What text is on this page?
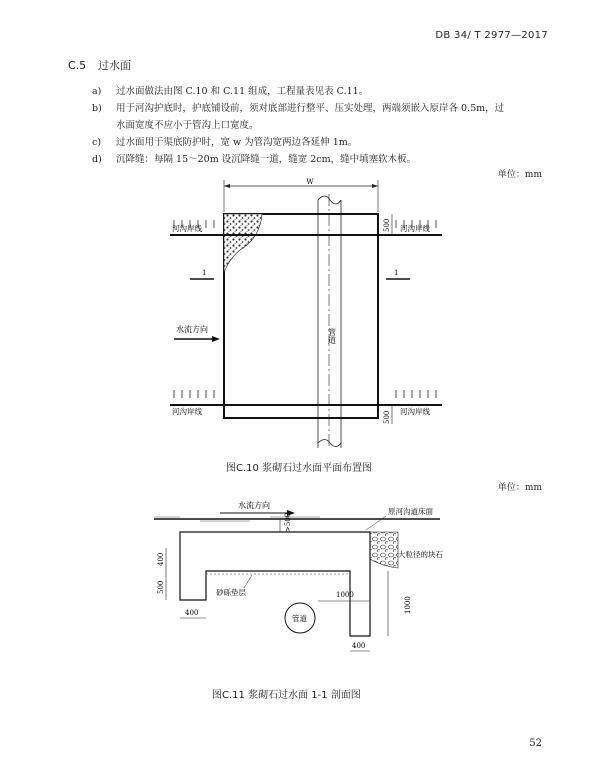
DB 34/ T 2977—2017
C.5 过水面
a) 过水面做法由图 C.10 和 C.11 组成，工程量表见表 C.11。
b) 用于河沟护底时，护底铺设前，须对底部进行整平、压实处理，两端须嵌入原岸各 0.5m，过
水面宽度不应小于管沟上口宽度。
c) 过水面用于渠底防护时，宽 w 为管沟宽两边各延伸 1m。
d) 沉降缝：每隔 15～20m 设沉降缝一道，缝宽 2cm，缝中填塞软木板。
单位：mm
W
管道
河沟岸线	河沟岸线
500
河沟岸线	河沟岸线
500
1	1
水流方向
图C.10 浆砌石过水面平面布置图
单位：mm
水流方向
原河沟道床面
大粒径的块石
砂砾垫层
400
500
>500
管道
400
1000
1000
400
图C.11 浆砌石过水面 1-1 剖面图
52
